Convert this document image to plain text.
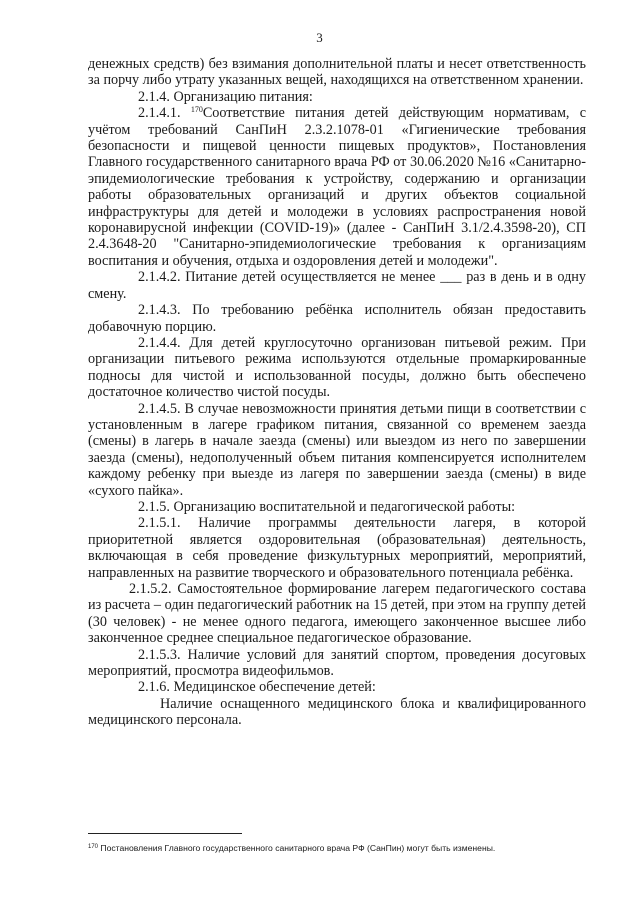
3

денежных средств) без взимания дополнительной платы и несет ответственность за порчу либо утрату указанных вещей, находящихся на ответственном хранении.

2.1.4. Организацию питания:

2.1.4.1. $^{170}$Соответствие питания детей действующим нормативам, с учётом требований СанПиН 2.3.2.1078-01 «Гигиенические требования безопасности и пищевой ценности пищевых продуктов», Постановления Главного государственного санитарного врача РФ от 30.06.2020 №16 «Санитарно-эпидемиологические требования к устройству, содержанию и организации работы образовательных организаций и других объектов социальной инфраструктуры для детей и молодежи в условиях распространения новой коронавирусной инфекции (COVID-19)» (далее - СанПиН 3.1/2.4.3598-20), СП 2.4.3648-20 "Санитарно-эпидемиологические требования к организациям воспитания и обучения, отдыха и оздоровления детей и молодежи".

2.1.4.2. Питание детей осуществляется не менее ___ раз в день и в одну смену.

2.1.4.3. По требованию ребёнка исполнитель обязан предоставить добавочную порцию.

2.1.4.4. Для детей круглосуточно организован питьевой режим. При организации питьевого режима используются отдельные промаркированные подносы для чистой и использованной посуды, должно быть обеспечено достаточное количество чистой посуды.

2.1.4.5. В случае невозможности принятия детьми пищи в соответствии с установленным в лагере графиком питания, связанной со временем заезда (смены) в лагерь в начале заезда (смены) или выездом из него по завершении заезда (смены), недополученный объем питания компенсируется исполнителем каждому ребенку при выезде из лагеря по завершении заезда (смены) в виде «сухого пайка».

2.1.5. Организацию воспитательной и педагогической работы:

2.1.5.1. Наличие программы деятельности лагеря, в которой приоритетной является оздоровительная (образовательная) деятельность, включающая в себя проведение физкультурных мероприятий, мероприятий, направленных на развитие творческого и образовательного потенциала ребёнка.

2.1.5.2. Самостоятельное формирование лагерем педагогического состава из расчета – один педагогический работник на 15 детей, при этом на группу детей (30 человек) - не менее одного педагога, имеющего законченное высшее либо законченное среднее специальное педагогическое образование.

2.1.5.3. Наличие условий для занятий спортом, проведения досуговых мероприятий, просмотра видеофильмов.

2.1.6. Медицинское обеспечение детей:

Наличие оснащенного медицинского блока и квалифицированного медицинского персонала.

$^{170}$ Постановления Главного государственного санитарного врача РФ (СанПин) могут быть изменены.
